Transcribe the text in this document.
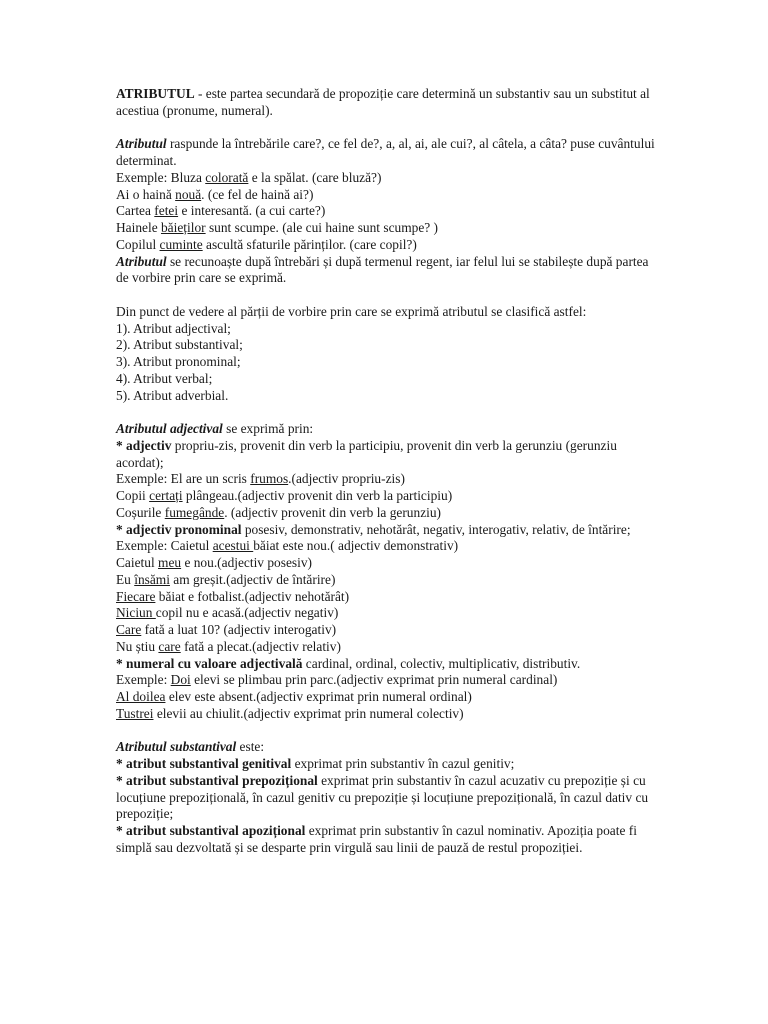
ATRIBUTUL - este partea secundară de propoziție care determină un substantiv sau un substitut al acestiua (pronume, numeral).

Atributul raspunde la întrebările care?, ce fel de?, a, al, ai, ale cui?, al câtela, a câta? puse cuvântului determinat.

Exemple: Bluza colorată e la spălat. (care bluză?)

Ai o haină nouă. (ce fel de haină ai?)

Cartea fetei e interesantă. (a cui carte?)

Hainele băieților sunt scumpe. (ale cui haine sunt scumpe? )

Copilul cuminte ascultă sfaturile părinților. (care copil?)

Atributul se recunoaște după întrebări și după termenul regent, iar felul lui se stabilește după partea de vorbire prin care se exprimă.

Din punct de vedere al părții de vorbire prin care se exprimă atributul se clasifică astfel:

1). Atribut adjectival;

2). Atribut substantival;

3). Atribut pronominal;

4). Atribut verbal;

5). Atribut adverbial.

Atributul adjectival se exprimă prin:

* adjectiv propriu-zis, provenit din verb la participiu, provenit din verb la gerunziu (gerunziu acordat);

Exemple: El are un scris frumos.(adjectiv propriu-zis)

Copii certați plângeau.(adjectiv provenit din verb la participiu)

Coșurile fumegânde. (adjectiv provenit din verb la gerunziu)

* adjectiv pronominal posesiv, demonstrativ, nehotărât, negativ, interogativ, relativ, de întărire;

Exemple: Caietul acestui băiat este nou.( adjectiv demonstrativ)

Caietul meu e nou.(adjectiv posesiv)

Eu însămi am greșit.(adjectiv de întărire)

Fiecare băiat e fotbalist.(adjectiv nehotărât)

Niciun copil nu e acasă.(adjectiv negativ)

Care fată a luat 10? (adjectiv interogativ)

Nu știu care fată a plecat.(adjectiv relativ)

* numeral cu valoare adjectivală cardinal, ordinal, colectiv, multiplicativ, distributiv.

Exemple: Doi elevi se plimbau prin parc.(adjectiv exprimat prin numeral cardinal)

Al doilea elev este absent.(adjectiv exprimat prin numeral ordinal)

Tustrei elevii au chiulit.(adjectiv exprimat prin numeral colectiv)

Atributul substantival este:

* atribut substantival genitival exprimat prin substantiv în cazul genitiv;

* atribut substantival prepozițional exprimat prin substantiv în cazul acuzativ cu prepoziție și cu locuțiune prepozițională, în cazul genitiv cu prepoziție și locuțiune prepozițională, în cazul dativ cu prepoziție;

* atribut substantival apozițional exprimat prin substantiv în cazul nominativ. Apoziția poate fi simplă sau dezvoltată și se desparte prin virgulă sau linii de pauză de restul propoziției.
